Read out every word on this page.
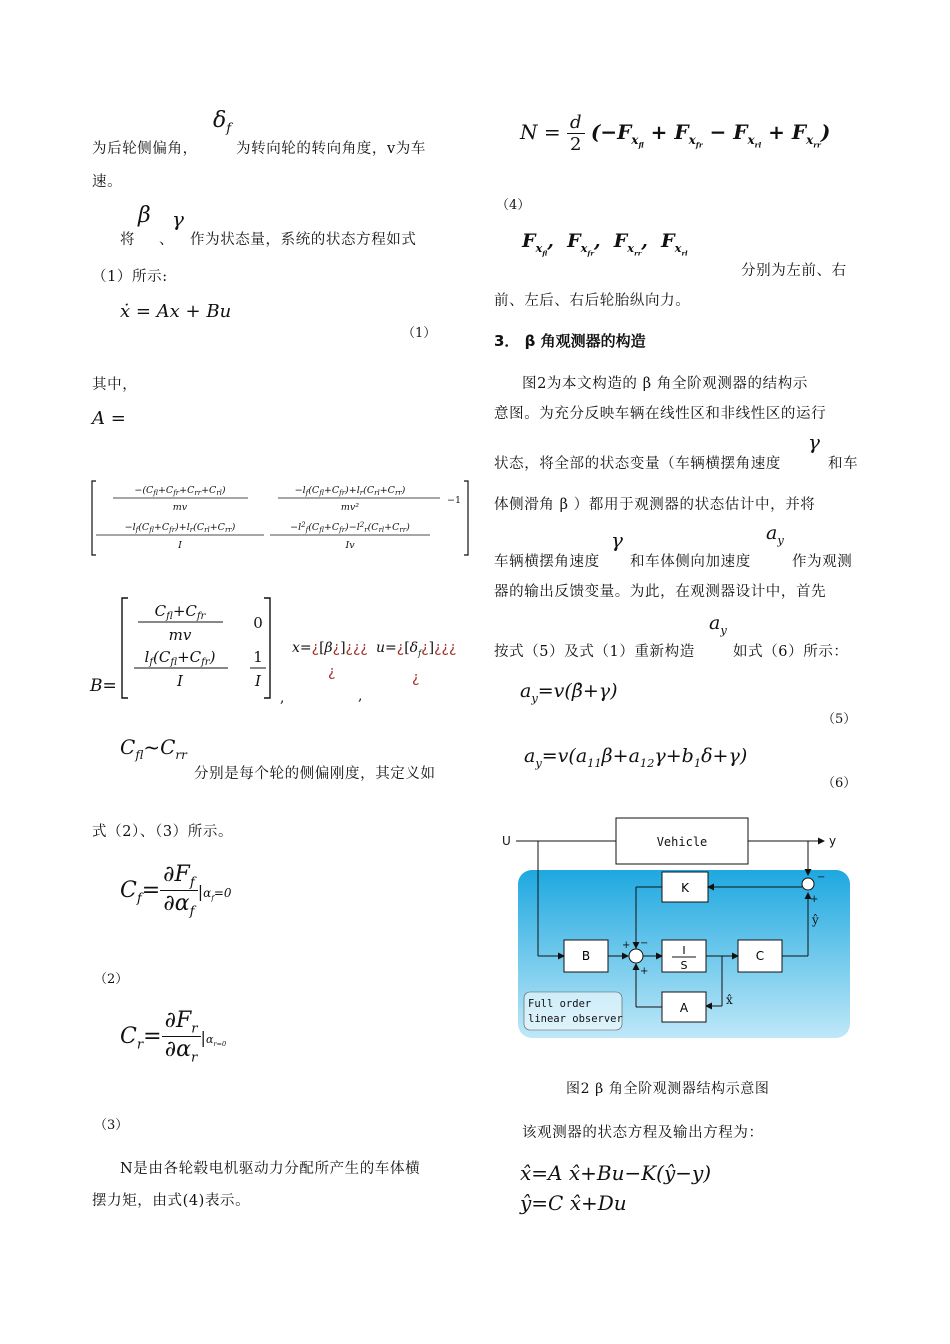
为后轮侧偏角，
$\delta_f$
为转向轮的转向角度，v为车
速。
将
β
、
γ
作为状态量，系统的状态方程如式
（1）所示:
ẋ = Ax + Bu
（1）
其中，
A =
$-(C_{fl}+C_{fr}+C_{rr}+C_{rl})$
mv
$-l_f(C_{fl}+C_{fr})+l_r(C_{rl}+C_{rr})$
mv²
−1
$-l_f(C_{fl}+C_{fr})+l_r(C_{rl}+C_{rr})$
I
$-l^2_f(C_{fl}+C_{fr})-l^2_r(C_{rl}+C_{rr})$
Iv
B=
$C_{fl}+C_{fr}$
mv
0
$l_f(C_{fl}+C_{fr})$
I
1
I
,
x=¿[β¿]¿¿¿
¿
,
$u=¿[\delta_f¿]¿¿¿$
¿
$C_{fl}\sim C_{rr}$
分别是每个轮的侧偏刚度，其定义如
式（2）、（3）所示。
$C_f= \frac{\partial F_f}{\partial\alpha_f} |\alpha_f=0$
（2）
$C_r= \frac{\partial F_r}{\partial\alpha_r} |\alpha_{r=0}$
（3）
N是由各轮毂电机驱动力分配所产生的车体横
摆力矩，由式(4)表示。
$N = \frac{d}{2} (-F_{x_{fl}} + F_{x_{fr}} - F_{x_{rl}} + F_{x_{rr}})$
（4）
$F_{x_{fl}}$,  $F_{x_{fr}}$,  $F_{x_{rr}}$,  $F_{x_{rl}}$
分别为左前、右
前、左后、右后轮胎纵向力。
3． β 角观测器的构造
图2为本文构造的 β 角全阶观测器的结构示
意图。为充分反映车辆在线性区和非线性区的运行
状态，将全部的状态变量（车辆横摆角速度
γ
和车
体侧滑角 β ）都用于观测器的状态估计中，并将
车辆横摆角速度
γ
和车体侧向加速度
$a_y$
作为观测
器的输出反馈变量。为此，在观测器设计中，首先
按式（5）及式（1）重新构造
$a_y$
如式（6）所示：
$a_y=v(\betȧ+\gamma)$
（5）
$a_y=v(a_{11}\beta+a_{12}\gamma+b_1\delta+\gamma)$
（6）
Vehicle
U	y
−
+
K
B
+ −
+
I
S
C
ŷ
x̂
A
Full order
linear observer
图2 β 角全阶观测器结构示意图
该观测器的状态方程及输出方程为：
x̂=A x̂+Bu−K(ŷ−y)
ŷ=C x̂+Du
